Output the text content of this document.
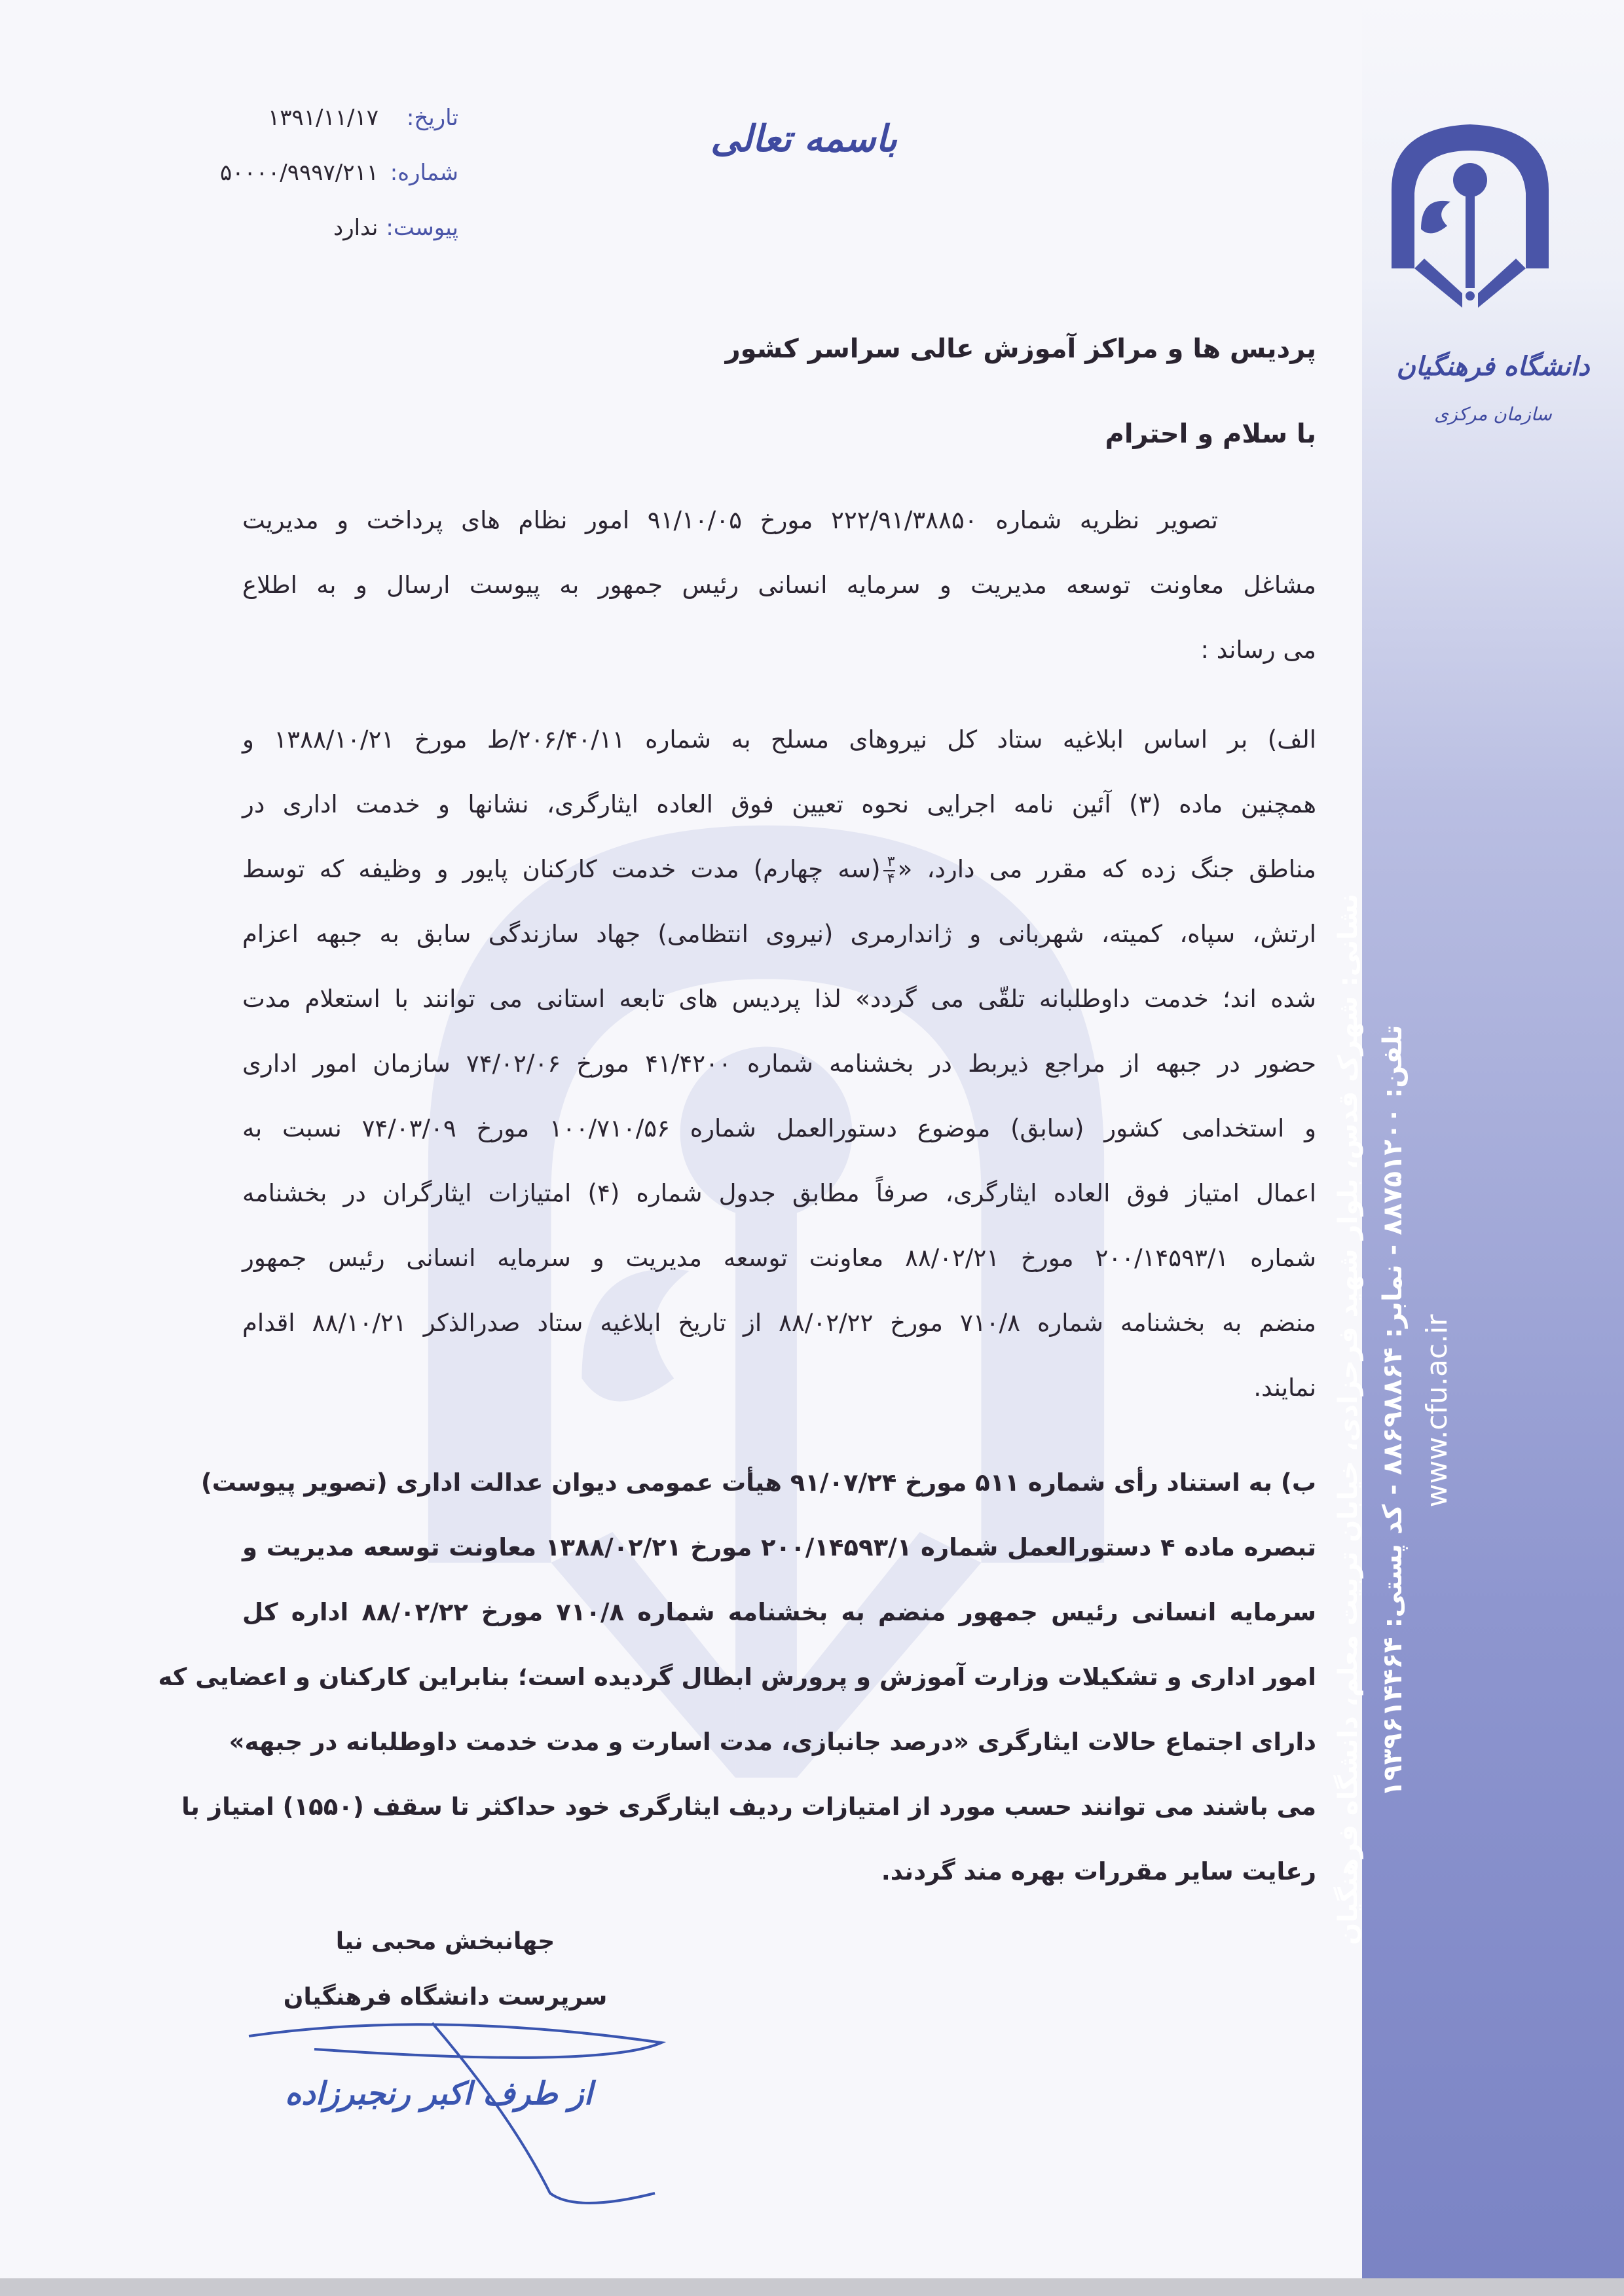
دانشگاه فرهنگیان
سازمان مرکزی
نشانی: شهرک قدس، بلوار شهید فرحزادی، خیابان تربیت معلم، دانشگاه فرهنگیان تلفن: ۸۸۷۵۱۲۰۰ - نمابر: ۸۸۶۹۸۸۶۴ - کد پستی: ۱۹۳۹۶۱۴۴۶۴
www.cfu.ac.ir
باسمه تعالی
تاریخ:۱۳۹۱/۱۱/۱۷
شماره:۵۰۰۰۰/۹۹۹۷/۲۱۱
پیوست:ندارد
پردیس ها و مراکز آموزش عالی سراسر کشور
با سلام و احترام
تصویر نظریه شماره ۲۲۲/۹۱/۳۸۸۵۰ مورخ ۹۱/۱۰/۰۵ امور نظام های پرداخت و مدیریت
مشاغل معاونت توسعه مدیریت و سرمایه انسانی رئیس جمهور به پیوست ارسال و به اطلاع
می رساند :
الف) بر اساس ابلاغیه ستاد کل نیروهای مسلح به شماره ۲۰۶/۴۰/۱۱/ط مورخ ۱۳۸۸/۱۰/۲۱ و
همچنین ماده (۳) آئین نامه اجرایی نحوه تعیین فوق العاده ایثارگری، نشانها و خدمت اداری در
مناطق جنگ زده که مقرر می دارد، «
$\frac{۳}{۴}$
(سه چهارم) مدت خدمت کارکنان پایور و وظیفه که توسط
ارتش، سپاه، کمیته، شهربانی و ژاندارمری (نیروی انتظامی) جهاد سازندگی سابق به جبهه اعزام
شده اند؛ خدمت داوطلبانه تلقّی می گردد» لذا پردیس های تابعه استانی می توانند با استعلام مدت
حضور در جبهه از مراجع ذیربط در بخشنامه شماره ۴۱/۴۲۰۰ مورخ ۷۴/۰۲/۰۶ سازمان امور اداری
و استخدامی کشور (سابق) موضوع دستورالعمل شماره ۱۰۰/۷۱۰/۵۶ مورخ ۷۴/۰۳/۰۹ نسبت به
اعمال امتیاز فوق العاده ایثارگری، صرفاً مطابق جدول شماره (۴) امتیازات ایثارگران در بخشنامه
شماره ۲۰۰/۱۴۵۹۳/۱ مورخ ۸۸/۰۲/۲۱ معاونت توسعه مدیریت و سرمایه انسانی رئیس جمهور
منضم به بخشنامه شماره ۷۱۰/۸ مورخ ۸۸/۰۲/۲۲ از تاریخ ابلاغیه ستاد صدرالذکر ۸۸/۱۰/۲۱ اقدام
نمایند.
ب) به استناد رأی شماره ۵۱۱ مورخ ۹۱/۰۷/۲۴ هیأت عمومی دیوان عدالت اداری (تصویر پیوست)
تبصره ماده ۴ دستورالعمل شماره ۲۰۰/۱۴۵۹۳/۱ مورخ ۱۳۸۸/۰۲/۲۱ معاونت توسعه مدیریت و
سرمایه انسانی رئیس جمهور منضم به بخشنامه شماره ۷۱۰/۸ مورخ ۸۸/۰۲/۲۲ اداره کل
امور اداری و تشکیلات وزارت آموزش و پرورش ابطال گردیده است؛ بنابراین کارکنان و اعضایی که
دارای اجتماع حالات ایثارگری «درصد جانبازی، مدت اسارت و مدت خدمت داوطلبانه در جبهه»
می باشند می توانند حسب مورد از امتیازات ردیف ایثارگری خود حداکثر تا سقف (۱۵۵۰) امتیاز با
رعایت سایر مقررات بهره مند گردند.
جهانبخش محبی نیا
سرپرست دانشگاه فرهنگیان
از طرف اکبر رنجبرزاده
